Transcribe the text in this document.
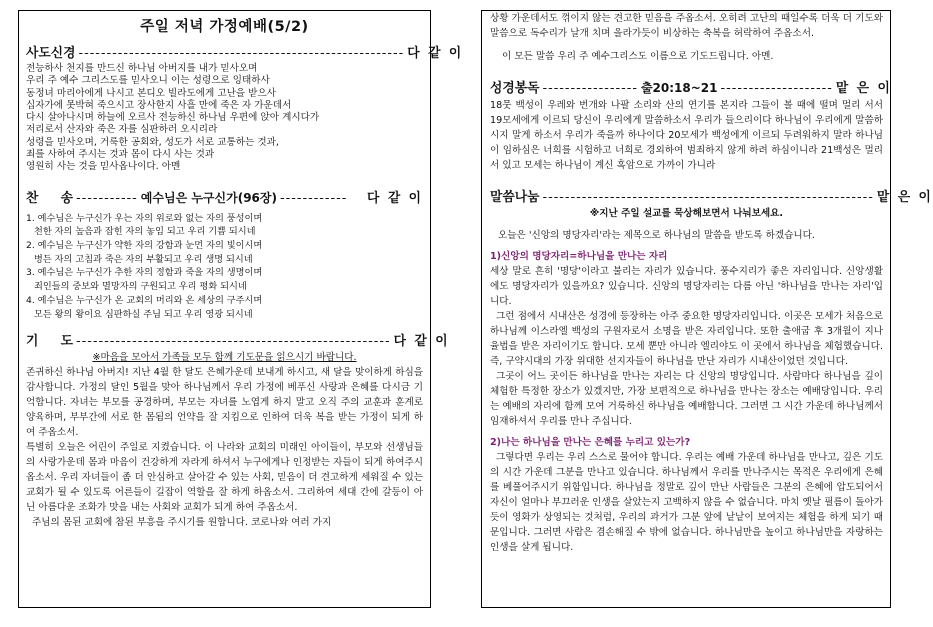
주일 저녁 가정예배(5/2)
사도신경 ---------------------------------------------------------- 다 같 이
전능하사 천지를 만드신 하나님 아버지를 내가 믿사오며
우리 주 예수 그리스도를 믿사오니 이는 성령으로 잉태하사
동정녀 마리아에게 나시고 본디오 빌라도에게 고난을 받으사
십자가에 못박혀 죽으시고 장사한지 사흘 만에 죽은 자 가운데서
다시 살아나시며 하늘에 오르사 전능하신 하나님 우편에 앉아 계시다가
저리로서 산자와 죽은 자를 심판하러 오시리라
성령을 믿사오며, 거룩한 공회와, 성도가 서로 교통하는 것과,
죄를 사하여 주시는 것과 몸이 다시 사는 것과
영원히 사는 것을 믿사옵나이다. 아멘
찬     송 ----------- 예수님은 누구신가(96장) ------------	다 같 이
1. 예수님은 누구신가 우는 자의 위로와 없는 자의 풍성이며
천한 자의 높음과 잡힌 자의 놓임 되고 우리 기쁨 되시네
2. 예수님은 누구신가 약한 자의 강함과 눈먼 자의 빛이시며
병든 자의 고침과 죽은 자의 부활되고 우리 생명 되시네
3. 예수님은 누구신가 추한 자의 정함과 죽을 자의 생명이며
죄인들의 중보와 멸망자의 구원되고 우리 평화 되시네
4. 예수님은 누구신가 온 교회의 머리와 온 세상의 구주시며
모든 왕의 왕이요 심판하실 주님 되고 우리 영광 되시네
기     도 -------------------------------------------------------- 다 같 이
※마음을 모아서 가족들 모두 함께 기도문을 읽으시기 바랍니다.
존귀하신 하나님 아버지! 지난 4월 한 달도 은혜가운데 보내게 하시고, 새 달을 맞이하게 하심을 감사합니다. 가정의 달인 5월을 맞아 하나님께서 우리 가정에 베푸신 사랑과 은혜를 다시금 기억합니다. 자녀는 부모를 공경하며, 부모는 자녀를 노엽게 하지 말고 오직 주의 교훈과 훈계로 양육하며, 부부간에 서로 한 몸됨의 언약을 잘 지킴으로 인하여 더욱 복을 받는 가정이 되게 하여 주옵소서.
특별히 오늘은 어린이 주일로 지켰습니다. 이 나라와 교회의 미래인 아이들이, 부모와 선생님들의 사랑가운데 몸과 마음이 건강하게 자라게 하셔서 누구에게나 인정받는 자들이 되게 하여주시옵소서. 우리 자녀들이 좀 더 안심하고 살아갈 수 있는 사회, 믿음이 더 견고하게 세워질 수 있는 교회가 될 수 있도록 어른들이 길잡이 역할을 잘 하게 하옵소서. 그리하여 세대 간에 갈등이 아닌 아름다운 조화가 맛을 내는 사회와 교회가 되게 하여 주옵소서.
주님의 몸된 교회에 참된 부흥을 주시기를 원합니다. 코로나와 여러 가지
상황 가운데서도 꺾이지 않는 견고한 믿음을 주옵소서. 오히려 고난의 때일수록 더욱 더 기도와 말씀으로 독수리가 날개 치며 올라가듯이 비상하는 축복을 허락하여 주옵소서.
이 모든 말씀 우리 주 예수그리스도 이름으로 기도드립니다. 아멘.
성경봉독 ----------------- 출20:18~21 -------------------- 맡 은 이
18뭇 백성이 우레와 번개와 나팔 소리와 산의 연기를 본지라 그들이 볼 때에 떨며 멀리 서서 19모세에게 이르되 당신이 우리에게 말씀하소서 우리가 들으리이다 하나님이 우리에게 말씀하시지 말게 하소서 우리가 죽을까 하나이다 20모세가 백성에게 이르되 두려워하지 말라 하나님이 임하심은 너희를 시험하고 너희로 경외하여 범죄하지 않게 하려 하심이니라 21백성은 멀리 서 있고 모세는 하나님이 계신 흑암으로 가까이 가니라
말씀나눔 ----------------------------------------------------------- 맡 은 이
※지난 주일 설교를 묵상해보면서 나눠보세요.
오늘은 '신앙의 명당자리'라는 제목으로 하나님의 말씀을 받도록 하겠습니다.
1)신앙의 명당자리=하나님을 만나는 자리
세상 말로 흔히 '명당'이라고 불리는 자리가 있습니다. 풍수지리가 좋은 자리입니다. 신앙생활에도 명당자리가 있을까요? 있습니다. 신앙의 명당자리는 다름 아닌 '하나님을 만나는 자리'입니다.
그런 점에서 시내산은 성경에 등장하는 아주 중요한 명당자리입니다. 이곳은 모세가 처음으로 하나님께 이스라엘 백성의 구원자로서 소명을 받은 자리입니다. 또한 출애굽 후 3개월이 지나 율법을 받은 자리이기도 합니다. 모세 뿐만 아니라 엘리야도 이 곳에서 하나님을 체험했습니다. 즉, 구약시대의 가장 위대한 선지자들이 하나님을 만난 자리가 시내산이었던 것입니다.
그곳이 어느 곳이든 하나님을 만나는 자리는 다 신앙의 명당입니다. 사람마다 하나님을 깊이 체험한 특정한 장소가 있겠지만, 가장 보편적으로 하나님을 만나는 장소는 예배당입니다. 우리는 예배의 자리에 함께 모여 거룩하신 하나님을 예배합니다. 그러면 그 시간 가운데 하나님께서 임재하셔서 우리를 만나 주십니다.
2)나는 하나님을 만나는 은혜를 누리고 있는가?
그렇다면 우리는 우리 스스로 물어야 합니다. 우리는 예배 가운데 하나님을 만나고, 깊은 기도의 시간 가운데 그분을 만나고 있습니다. 하나님께서 우리를 만나주시는 목적은 우리에게 은혜를 베풀어주시기 위함입니다. 하나님을 정말로 깊이 만난 사람들은 그분의 은혜에 압도되어서 자신이 얼마나 부끄러운 인생을 살았는지 고백하지 않을 수 없습니다. 마치 옛날 필름이 돌아가듯이 영화가 상영되는 것처럼, 우리의 과거가 그분 앞에 낱낱이 보여지는 체험을 하게 되기 때문입니다. 그러면 사람은 겸손해질 수 밖에 없습니다. 하나님만을 높이고 하나님만을 자랑하는 인생을 살게 됩니다.
